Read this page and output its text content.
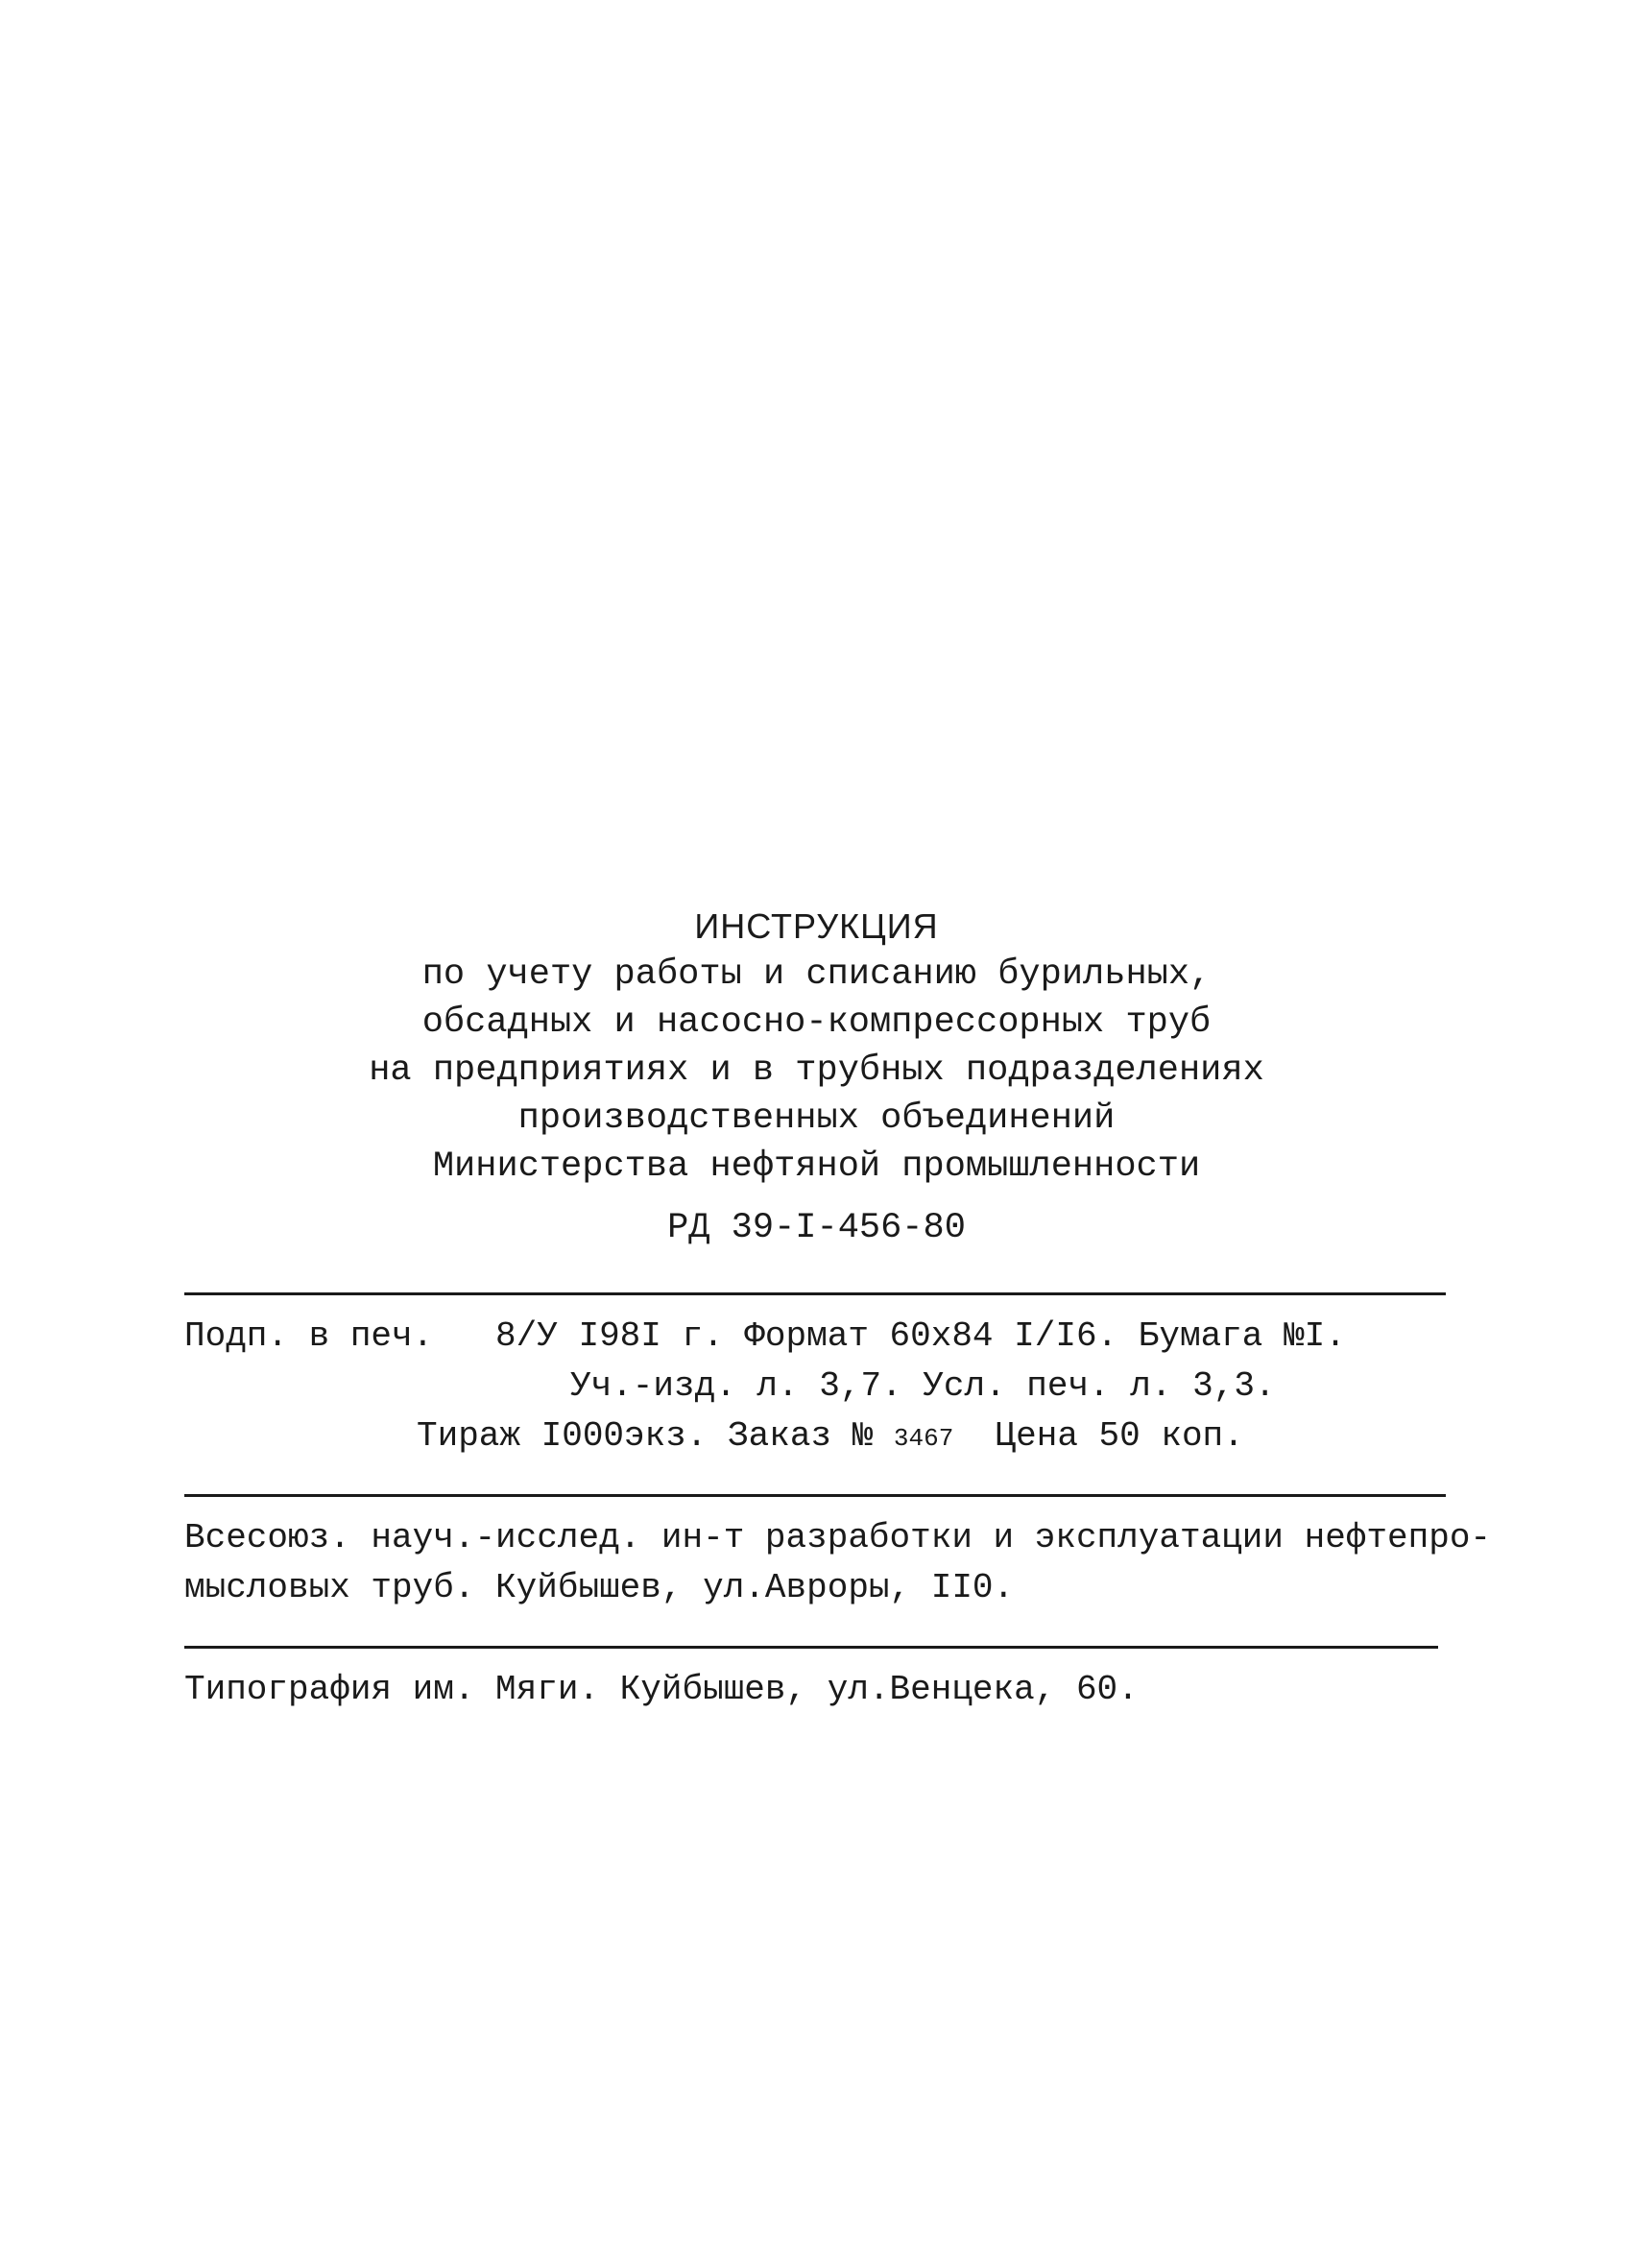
ИНСТРУКЦИЯ
по учету работы и списанию бурильных,
обсадных и насосно-компрессорных труб
на предприятиях и в трубных подразделениях
производственных объединений
Министерства нефтяной промышленности
РД 39-I-456-80
Подп. в печ.   8/У I98I г. Формат 60x84 I/I6. Бумага №I.
Уч.-изд. л. 3,7. Усл. печ. л. 3,3.
Тираж I000экз. Заказ № 3467  Цена 50 коп.
Всесоюз. науч.-исслед. ин-т разработки и эксплуатации нефтепро-
мысловых труб. Куйбышев, ул.Авроры, II0.
Типография им. Мяги. Куйбышев, ул.Венцека, 60.
